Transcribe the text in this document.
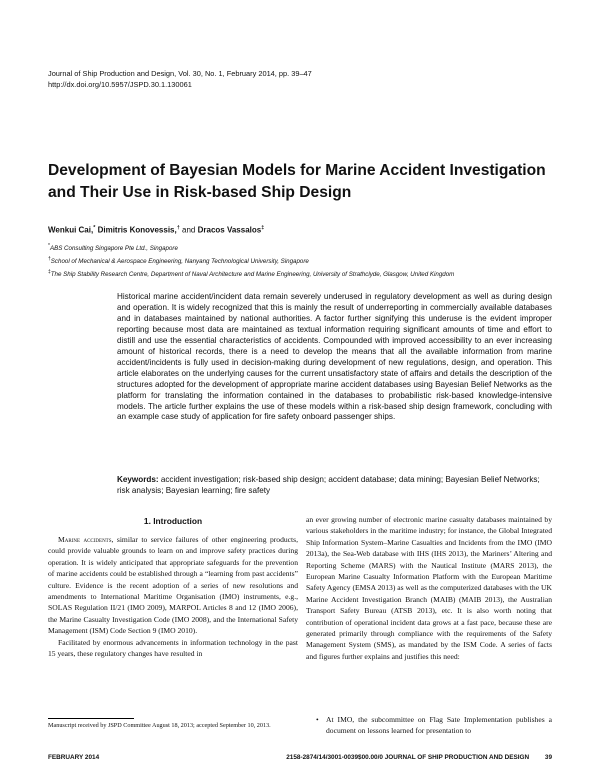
Journal of Ship Production and Design, Vol. 30, No. 1, February 2014, pp. 39–47
http://dx.doi.org/10.5957/JSPD.30.1.130061
Development of Bayesian Models for Marine Accident Investigation and Their Use in Risk-based Ship Design
Wenkui Cai,* Dimitris Konovessis,† and Dracos Vassalos‡
*ABS Consulting Singapore Pte Ltd., Singapore
†School of Mechanical & Aerospace Engineering, Nanyang Technological University, Singapore
‡The Ship Stability Research Centre, Department of Naval Architecture and Marine Engineering, University of Strathclyde, Glasgow, United Kingdom
Historical marine accident/incident data remain severely underused in regulatory development as well as during design and operation. It is widely recognized that this is mainly the result of underreporting in commercially available databases and in databases maintained by national authorities. A factor further signifying this underuse is the evident improper reporting because most data are maintained as textual information requiring significant amounts of time and effort to distill and use the essential characteristics of accidents. Compounded with improved accessibility to an ever increasing amount of historical records, there is a need to develop the means that all the available information from marine accident/incidents is fully used in decision-making during development of new regulations, design, and operation. This article elaborates on the underlying causes for the current unsatisfactory state of affairs and details the description of the structures adopted for the development of appropriate marine accident databases using Bayesian Belief Networks as the platform for translating the information contained in the databases to probabilistic risk-based knowledge-intensive models. The article further explains the use of these models within a risk-based ship design framework, concluding with an example case study of application for fire safety onboard passenger ships.
Keywords: accident investigation; risk-based ship design; accident database; data mining; Bayesian Belief Networks; risk analysis; Bayesian learning; fire safety
1. Introduction

Marine accidents, similar to service failures of other engineering products, could provide valuable grounds to learn on and improve safety practices during operation. It is widely anticipated that appropriate safeguards for the prevention of marine accidents could be established through a “learning from past accidents” culture. Evidence is the recent adoption of a series of new resolutions and amendments to International Maritime Organisation (IMO) instruments, e.g., SOLAS Regulation II/21 (IMO 2009), MARPOL Articles 8 and 12 (IMO 2006), the Marine Casualty Investigation Code (IMO 2008), and the International Safety Management (ISM) Code Section 9 (IMO 2010).

Facilitated by enormous advancements in information technology in the past 15 years, these regulatory changes have resulted in

an ever growing number of electronic marine casualty databases maintained by various stakeholders in the maritime industry; for instance, the Global Integrated Ship Information System–Marine Casualties and Incidents from the IMO (IMO 2013a), the Sea-Web database with IHS (IHS 2013), the Mariners’ Altering and Reporting Scheme (MARS) with the Nautical Institute (MARS 2013), the European Marine Casualty Information Platform with the European Maritime Safety Agency (EMSA 2013) as well as the computerized databases with the UK Marine Accident Investigation Branch (MAIB) (MAIB 2013), the Australian Transport Safety Bureau (ATSB 2013), etc. It is also worth noting that contribution of operational incident data grows at a fast pace, because these are generated primarily through compliance with the requirements of the Safety Management System (SMS), as mandated by the ISM Code. A series of facts and figures further explains and justifies this need:

• At IMO, the subcommittee on Flag Sate Implementation publishes a document on lessons learned for presentation to
Manuscript received by JSPD Committee August 18, 2013; accepted September 10, 2013.
FEBRUARY 2014	2158-2874/14/3001-0039$00.00/0 JOURNAL OF SHIP PRODUCTION AND DESIGN 39
